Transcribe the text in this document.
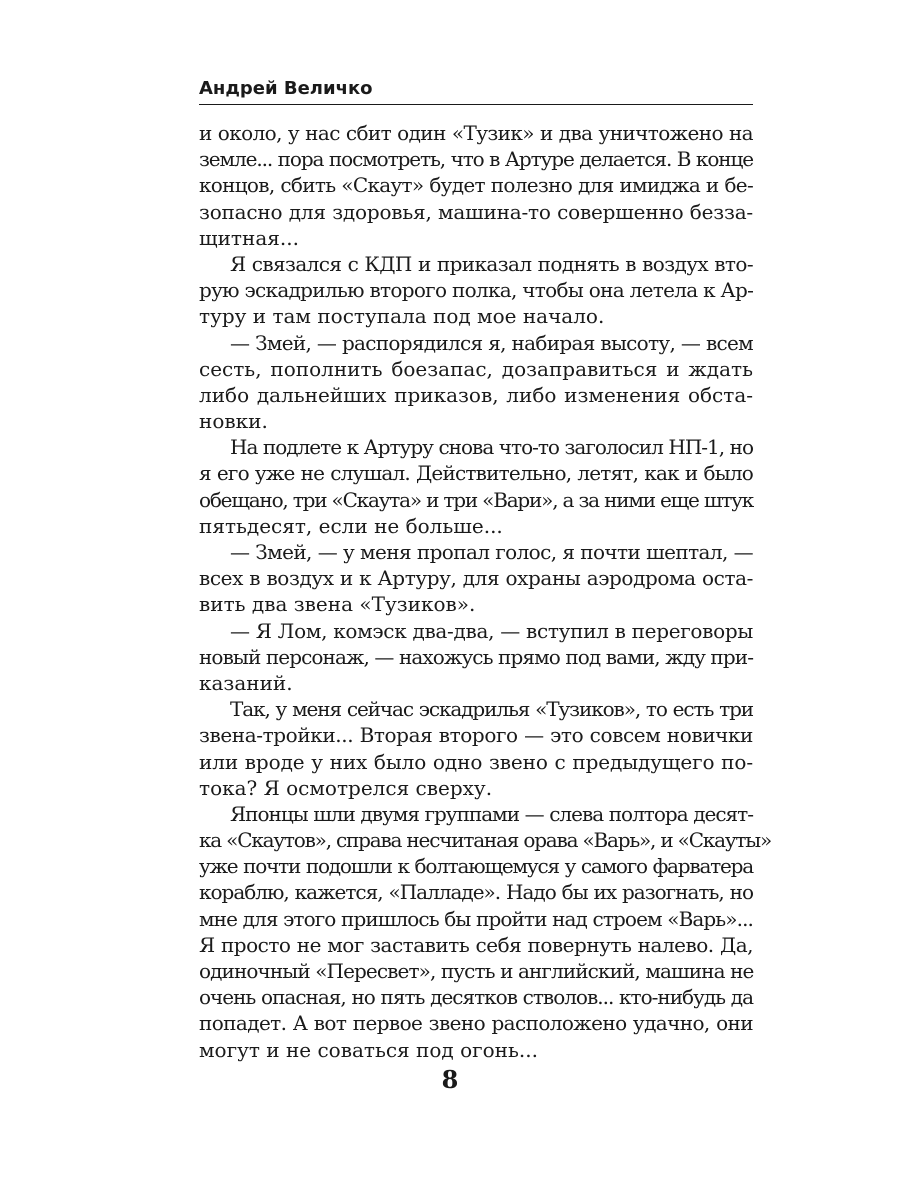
Андрей Величко
и около, у нас сбит один «Тузик» и два уничтожено на
земле... пора посмотреть, что в Артуре делается. В конце
концов, сбить «Скаут» будет полезно для имиджа и бе-
зопасно для здоровья, машина-то совершенно безза-
щитная...
Я связался с КДП и приказал поднять в воздух вто-
рую эскадрилью второго полка, чтобы она летела к Ар-
туру и там поступала под мое начало.
— Змей, — распорядился я, набирая высоту, — всем
сесть, пополнить боезапас, дозаправиться и ждать
либо дальнейших приказов, либо изменения обста-
новки.
На подлете к Артуру снова что-то заголосил НП-1, но
я его уже не слушал. Действительно, летят, как и было
обещано, три «Скаута» и три «Вари», а за ними еще штук
пятьдесят, если не больше...
— Змей, — у меня пропал голос, я почти шептал, —
всех в воздух и к Артуру, для охраны аэродрома оста-
вить два звена «Тузиков».
— Я Лом, комэск два-два, — вступил в переговоры
новый персонаж, — нахожусь прямо под вами, жду при-
казаний.
Так, у меня сейчас эскадрилья «Тузиков», то есть три
звена-тройки... Вторая второго — это совсем новички
или вроде у них было одно звено с предыдущего по-
тока? Я осмотрелся сверху.
Японцы шли двумя группами — слева полтора десят-
ка «Скаутов», справа несчитаная орава «Варь», и «Скауты»
уже почти подошли к болтающемуся у самого фарватера
кораблю, кажется, «Палладе». Надо бы их разогнать, но
мне для этого пришлось бы пройти над строем «Варь»...
Я просто не мог заставить себя повернуть налево. Да,
одиночный «Пересвет», пусть и английский, машина не
очень опасная, но пять десятков стволов... кто-нибудь да
попадет. А вот первое звено расположено удачно, они
могут и не соваться под огонь...
8
